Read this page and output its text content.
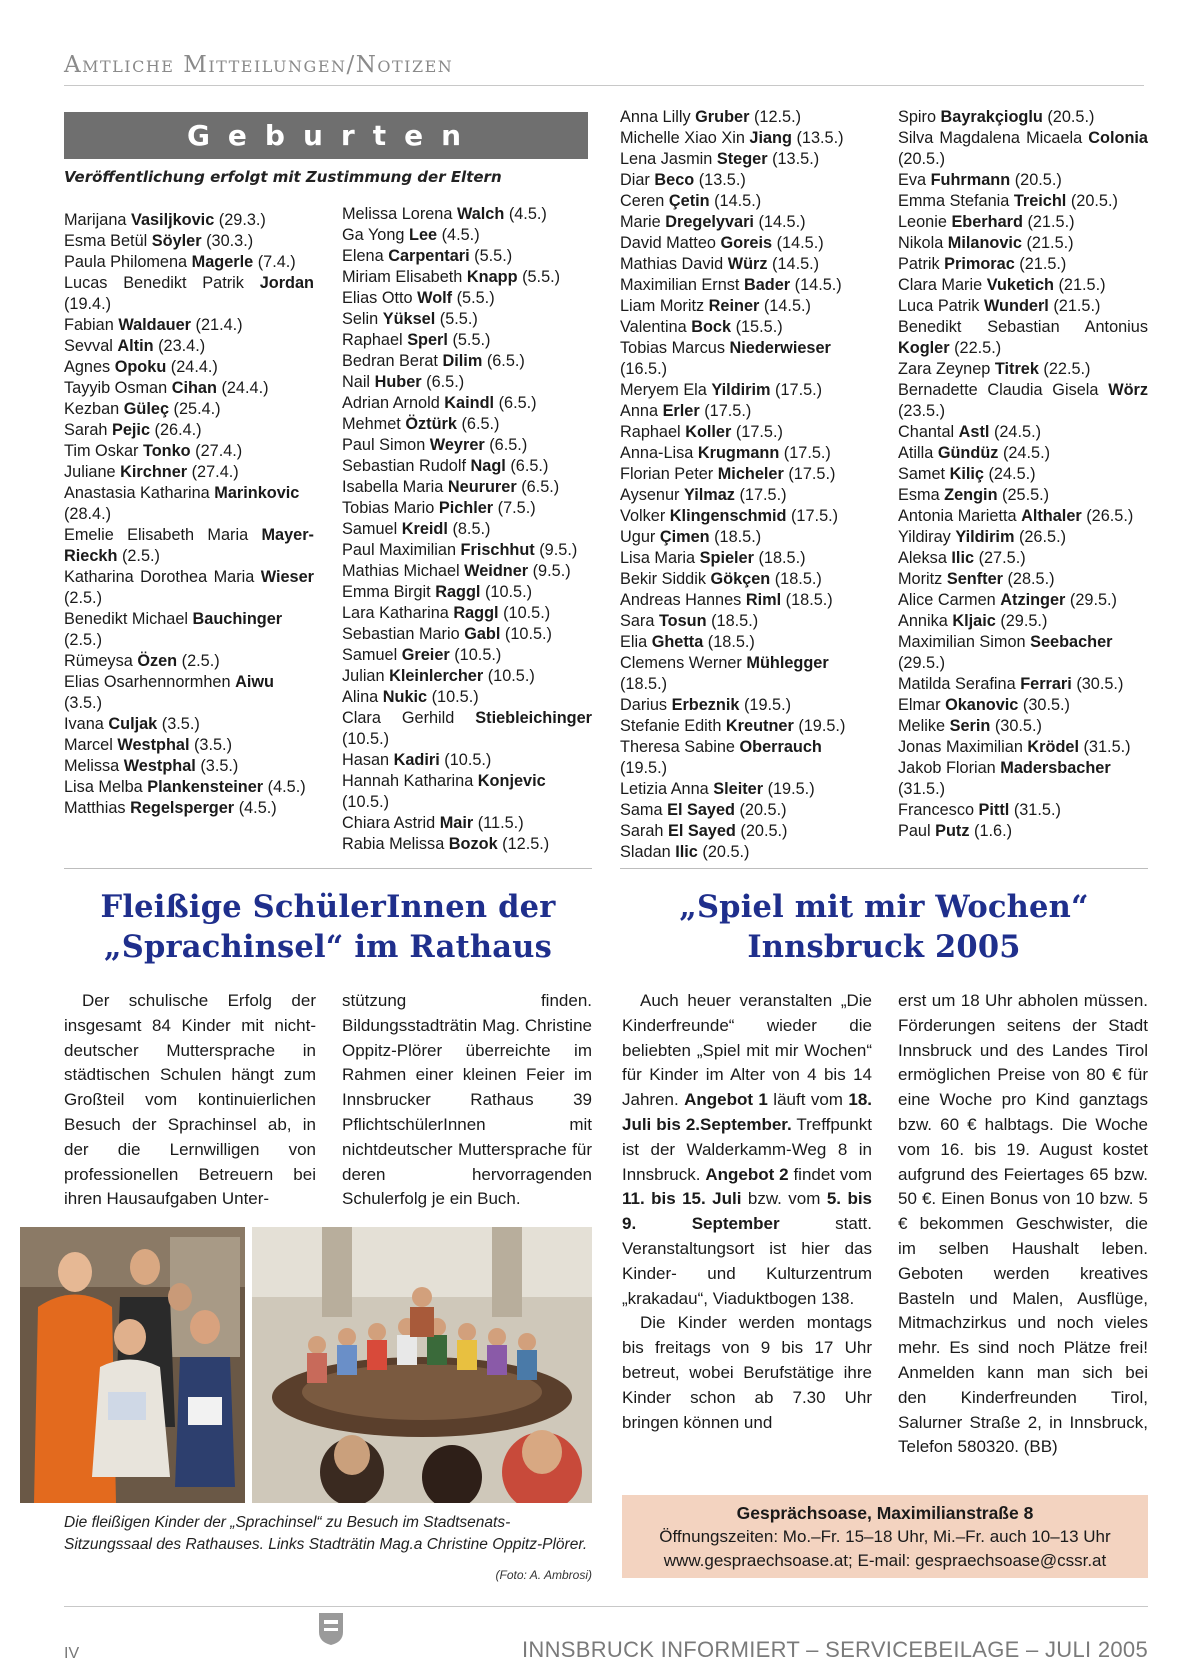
Amtliche Mitteilungen/Notizen
Geburten
Veröffentlichung erfolgt mit Zustimmung der Eltern
Marijana Vasiljkovic (29.3.)
Esma Betül Söyler (30.3.)
Paula Philomena Magerle (7.4.)
Lucas Benedikt Patrik Jordan (19.4.)
Fabian Waldauer (21.4.)
Sevval Altin (23.4.)
Agnes Opoku (24.4.)
Tayyib Osman Cihan (24.4.)
Kezban Güleç (25.4.)
Sarah Pejic (26.4.)
Tim Oskar Tonko (27.4.)
Juliane Kirchner (27.4.)
Anastasia Katharina Marinkovic (28.4.)
Emelie Elisabeth Maria Mayer-Rieckh (2.5.)
Katharina Dorothea Maria Wieser (2.5.)
Benedikt Michael Bauchinger (2.5.)
Rümeysa Özen (2.5.)
Elias Osarhennormhen Aiwu (3.5.)
Ivana Culjak (3.5.)
Marcel Westphal (3.5.)
Melissa Westphal (3.5.)
Lisa Melba Plankensteiner (4.5.)
Matthias Regelsperger (4.5.)
Melissa Lorena Walch (4.5.)
Ga Yong Lee (4.5.)
Elena Carpentari (5.5.)
Miriam Elisabeth Knapp (5.5.)
Elias Otto Wolf (5.5.)
Selin Yüksel (5.5.)
Raphael Sperl (5.5.)
Bedran Berat Dilim (6.5.)
Nail Huber (6.5.)
Adrian Arnold Kaindl (6.5.)
Mehmet Öztürk (6.5.)
Paul Simon Weyrer (6.5.)
Sebastian Rudolf Nagl (6.5.)
Isabella Maria Neururer (6.5.)
Tobias Mario Pichler (7.5.)
Samuel Kreidl (8.5.)
Paul Maximilian Frischhut (9.5.)
Mathias Michael Weidner (9.5.)
Emma Birgit Raggl (10.5.)
Lara Katharina Raggl (10.5.)
Sebastian Mario Gabl (10.5.)
Samuel Greier (10.5.)
Julian Kleinlercher (10.5.)
Alina Nukic (10.5.)
Clara Gerhild Stiebleichinger (10.5.)
Hasan Kadiri (10.5.)
Hannah Katharina Konjevic (10.5.)
Chiara Astrid Mair (11.5.)
Rabia Melissa Bozok (12.5.)
Anna Lilly Gruber (12.5.)
Michelle Xiao Xin Jiang (13.5.)
Lena Jasmin Steger (13.5.)
Diar Beco (13.5.)
Ceren Çetin (14.5.)
Marie Dregelyvari (14.5.)
David Matteo Goreis (14.5.)
Mathias David Würz (14.5.)
Maximilian Ernst Bader (14.5.)
Liam Moritz Reiner (14.5.)
Valentina Bock (15.5.)
Tobias Marcus Niederwieser (16.5.)
Meryem Ela Yildirim (17.5.)
Anna Erler (17.5.)
Raphael Koller (17.5.)
Anna-Lisa Krugmann (17.5.)
Florian Peter Micheler (17.5.)
Aysenur Yilmaz (17.5.)
Volker Klingenschmid (17.5.)
Ugur Çimen (18.5.)
Lisa Maria Spieler (18.5.)
Bekir Siddik Gökçen (18.5.)
Andreas Hannes Riml (18.5.)
Sara Tosun (18.5.)
Elia Ghetta (18.5.)
Clemens Werner Mühlegger (18.5.)
Darius Erbeznik (19.5.)
Stefanie Edith Kreutner (19.5.)
Theresa Sabine Oberrauch (19.5.)
Letizia Anna Sleiter (19.5.)
Sama El Sayed (20.5.)
Sarah El Sayed (20.5.)
Sladan Ilic (20.5.)
Spiro Bayrakçioglu (20.5.)
Silva Magdalena Micaela Colonia (20.5.)
Eva Fuhrmann (20.5.)
Emma Stefania Treichl (20.5.)
Leonie Eberhard (21.5.)
Nikola Milanovic (21.5.)
Patrik Primorac (21.5.)
Clara Marie Vuketich (21.5.)
Luca Patrik Wunderl (21.5.)
Benedikt Sebastian Antonius Kogler (22.5.)
Zara Zeynep Titrek (22.5.)
Bernadette Claudia Gisela Wörz (23.5.)
Chantal Astl (24.5.)
Atilla Gündüz (24.5.)
Samet Kiliç (24.5.)
Esma Zengin (25.5.)
Antonia Marietta Althaler (26.5.)
Yildiray Yildirim (26.5.)
Aleksa Ilic (27.5.)
Moritz Senfter (28.5.)
Alice Carmen Atzinger (29.5.)
Annika Kljaic (29.5.)
Maximilian Simon Seebacher (29.5.)
Matilda Serafina Ferrari (30.5.)
Elmar Okanovic (30.5.)
Melike Serin (30.5.)
Jonas Maximilian Krödel (31.5.)
Jakob Florian Madersbacher (31.5.)
Francesco Pittl (31.5.)
Paul Putz (1.6.)
Fleißige SchülerInnen der
„Sprachinsel“ im Rathaus
Der schulische Erfolg der insgesamt 84 Kinder mit nicht-deutscher Muttersprache in städtischen Schulen hängt zum Großteil vom kontinuierlichen Besuch der Sprachinsel ab, in der die Lernwilligen von professionellen Betreuern bei ihren Hausaufgaben Unter-
stützung finden. Bildungsstadträtin Mag. Christine Oppitz-Plörer überreichte im Rahmen einer kleinen Feier im Innsbrucker Rathaus 39 PflichtschülerInnen mit nichtdeutscher Muttersprache für deren hervorragenden Schulerfolg je ein Buch.
Die fleißigen Kinder der „Sprachinsel“ zu Besuch im Stadtsenats-Sitzungssaal des Rathauses. Links Stadträtin Mag.a Christine Oppitz-Plörer.
(Foto: A. Ambrosi)
„Spiel mit mir Wochen“
Innsbruck 2005
Auch heuer veranstalten „Die Kinderfreunde“ wieder die beliebten „Spiel mit mir Wochen“ für Kinder im Alter von 4 bis 14 Jahren. Angebot 1 läuft vom 18. Juli bis 2.September. Treffpunkt ist der Walderkamm-Weg 8 in Innsbruck. Angebot 2 findet vom 11. bis 15. Juli bzw. vom 5. bis 9. September	statt. Veranstaltungsort ist hier das Kinder- und Kulturzentrum „krakadau“, Viaduktbogen 138.
Die Kinder werden montags bis freitags von 9 bis 17 Uhr betreut, wobei Berufstätige ihre Kinder schon ab 7.30 Uhr bringen können und
erst um 18 Uhr abholen müssen. Förderungen seitens der Stadt Innsbruck und des Landes Tirol ermöglichen Preise von 80 € für eine Woche pro Kind ganztags bzw. 60 € halbtags. Die Woche vom 16. bis 19. August kostet aufgrund des Feiertages 65 bzw. 50 €. Einen Bonus von 10 bzw. 5 € bekommen Geschwister, die im selben Haushalt leben. Geboten werden kreatives Basteln und Malen, Ausflüge, Mitmachzirkus und noch vieles mehr. Es sind noch Plätze frei! Anmelden kann man sich bei den Kinderfreunden Tirol, Salurner Straße 2, in Innsbruck, Telefon 580320. (BB)
Gesprächsoase, Maximilianstraße 8
Öffnungszeiten: Mo.–Fr. 15–18 Uhr, Mi.–Fr. auch 10–13 Uhr
www.gespraechsoase.at; E-mail: gespraechsoase@cssr.at
IV	INNSBRUCK INFORMIERT – SERVICEBEILAGE – JULI 2005
